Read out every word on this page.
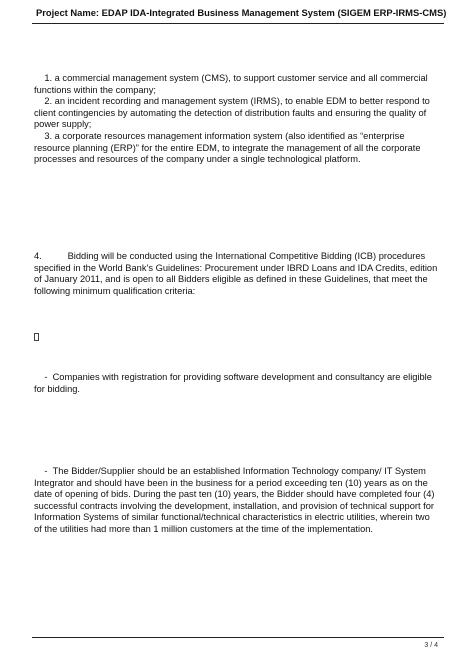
Project Name: EDAP IDA-Integrated Business Management System (SIGEM ERP-IRMS-CMS)
1. a commercial management system (CMS), to support customer service and all commercial functions within the company;
2. an incident recording and management system (IRMS), to enable EDM to better respond to client contingencies by automating the detection of distribution faults and ensuring the quality of power supply;
3. a corporate resources management information system (also identified as “enterprise resource planning (ERP)” for the entire EDM, to integrate the management of all the corporate processes and resources of the company under a single technological platform.

4.          Bidding will be conducted using the International Competitive Bidding (ICB) procedures specified in the World Bank’s Guidelines: Procurement under IBRD Loans and IDA Credits, edition of January 2011, and is open to all Bidders eligible as defined in these Guidelines, that meet the following minimum qualification criteria:

-  Companies with registration for providing software development and consultancy are eligible for bidding.

-  The Bidder/Supplier should be an established Information Technology company/ IT System Integrator and should have been in the business for a period exceeding ten (10) years as on the date of opening of bids. During the past ten (10) years, the Bidder should have completed four (4) successful contracts involving the development, installation, and provision of technical support for Information Systems of similar functional/technical characteristics in electric utilities, wherein two of the utilities had more than 1 million customers at the time of the implementation.

3 / 4
